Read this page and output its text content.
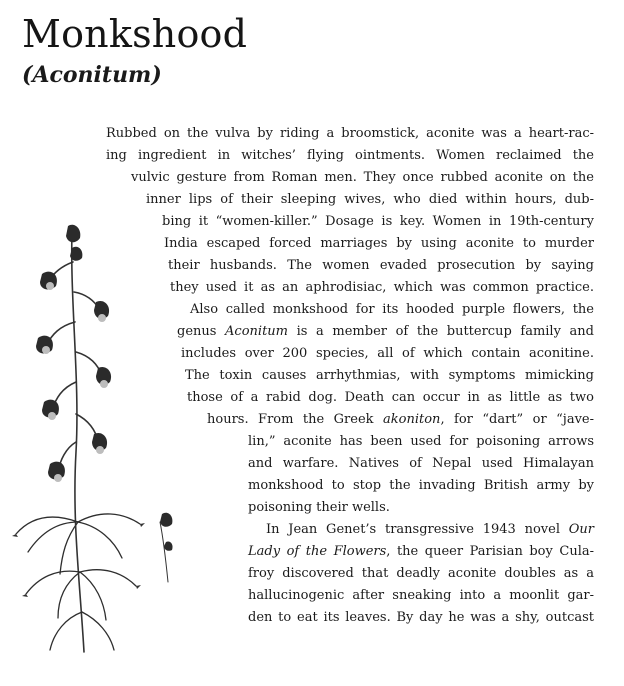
Monkshood
(Aconitum)
Rubbed on the vulva by riding a broomstick, aconite was a heart-rac-
ing ingredient in witches’ flying ointments. Women reclaimed the
vulvic gesture from Roman men. They once rubbed aconite on the
inner lips of their sleeping wives, who died within hours, dub-
bing it “women-killer.” Dosage is key. Women in 19th-century
India escaped forced marriages by using aconite to murder
their husbands. The women evaded prosecution by saying
they used it as an aphrodisiac, which was common practice.
Also called monkshood for its hooded purple flowers, the
genus Aconitum is a member of the buttercup family and
includes over 200 species, all of which contain aconitine.
The toxin causes arrhythmias, with symptoms mimicking
those of a rabid dog. Death can occur in as little as two
hours. From the Greek akoniton, for “dart” or “jave-
lin,” aconite has been used for poisoning arrows
and warfare. Natives of Nepal used Himalayan
monkshood to stop the invading British army by
poisoning their wells.
In Jean Genet’s transgressive 1943 novel Our
Lady of the Flowers, the queer Parisian boy Cula-
froy discovered that deadly aconite doubles as a
hallucinogenic after sneaking into a moonlit gar-
den to eat its leaves. By day he was a shy, outcast
